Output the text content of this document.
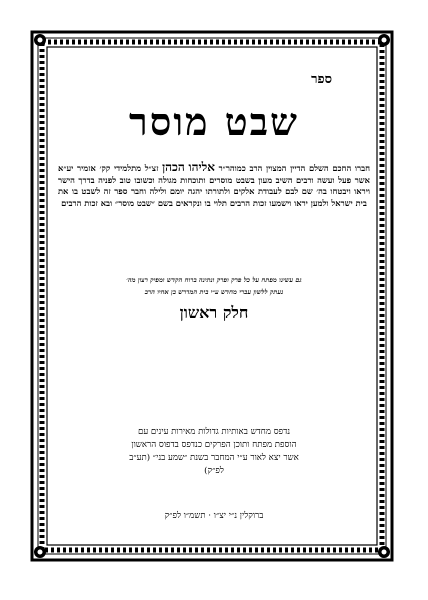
ספר
שבט מוסר
חברו החכם השלם הדיין המצוין הרב כמוהר״ר אליהו הכהן זצ״ל מתלמידי קק׳ אזמיר יע״א אשר פעל ועשה ורבים השיב מעון בשבט מוסרים ותוכחות מגולה וכשובו טוב לפניה בדרך הישר ויראו ויבטחו בה׳ שם לבם לעבודת אלקים ולתורתו יהגה יומם ולילה וחבר ספר זה לשבט בו את בית ישראל ולמען יראו וישמעו זכות הרבים תלוי בו ונקראים בשם ״שבט מוסר״ ובא זכות הרבים
גם עשינו מפתח על כל פרק ופרק ונתינה ברוח הקדש ומפיק רצון מה׳
נעתק ללשון עברי מחדש ע״י בית המדרש בן אחיו הרב
חלק ראשון
נדפס מחדש באותיות גדולות מאירות עינים עם
הוספת מפתח ותוכן הפרקים כנדפס בדפוס הראשון
אשר יצא לאור ע״י המחבר בשנת ״שמע בני״ (תע״ב
לפ״ק)
ברוקלין נ״י יצ״ו · תשמ״ו לפ״ק
